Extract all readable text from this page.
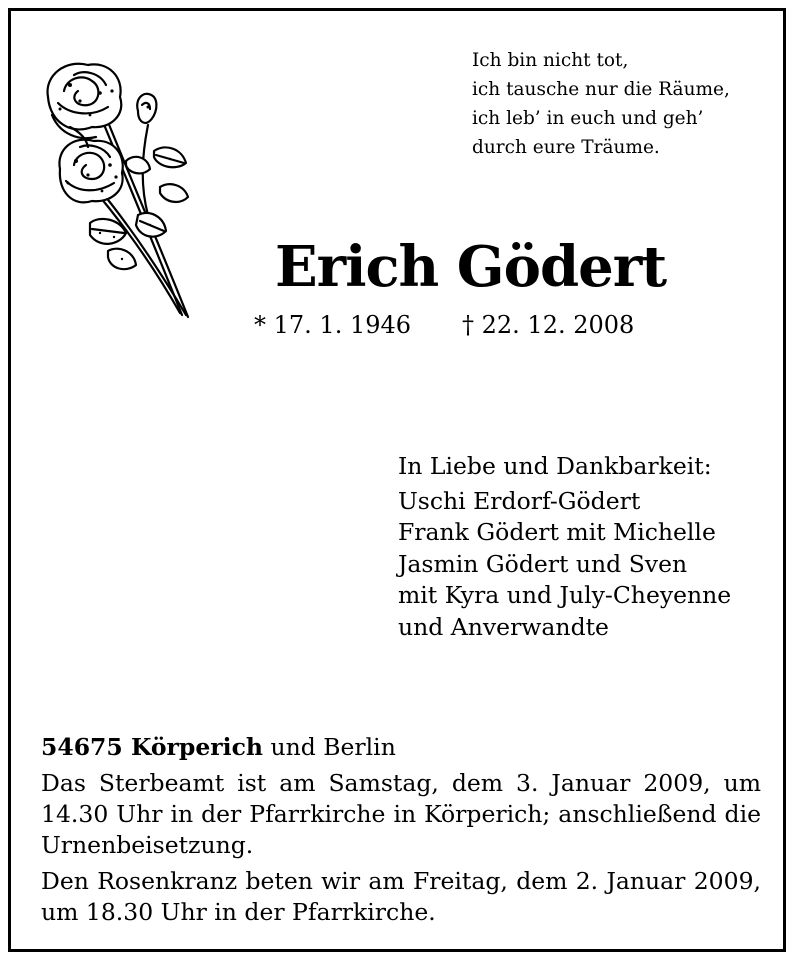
Ich bin nicht tot,
ich tausche nur die Räume,
ich leb’ in euch und geh’
durch eure Träume.
Erich Gödert
* 17. 1. 1946 † 22. 12. 2008
In Liebe und Dankbarkeit:
Uschi Erdorf-Gödert
Frank Gödert mit Michelle
Jasmin Gödert und Sven
mit Kyra und July-Cheyenne
und Anverwandte
54675 Körperich und Berlin

Das Sterbeamt ist am Samstag, dem 3. Januar 2009, um 14.30 Uhr in der Pfarrkirche in Körperich; anschließend die Urnenbeisetzung.

Den Rosenkranz beten wir am Freitag, dem 2. Januar 2009, um 18.30 Uhr in der Pfarrkirche.
